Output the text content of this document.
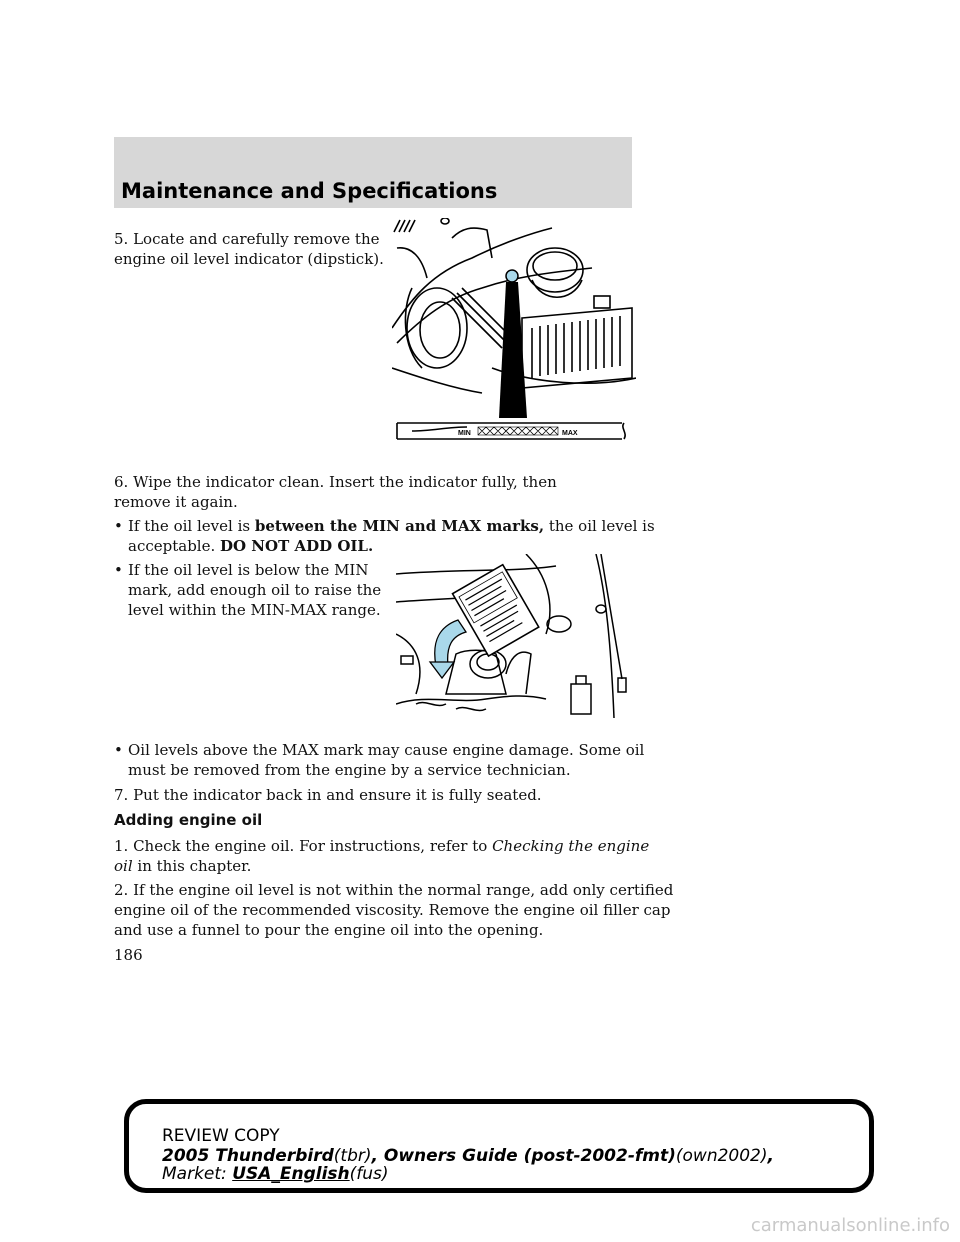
Maintenance and Specifications
5. Locate and carefully remove the
engine oil level indicator (dipstick).
MIN	MAX
6. Wipe the indicator clean. Insert the indicator fully, then remove it again.
• If the oil level is between the MIN and MAX marks, the oil level is
acceptable. DO NOT ADD OIL.
• If the oil level is below the MIN
mark, add enough oil to raise the
level within the MIN-MAX range.
• Oil levels above the MAX mark may cause engine damage. Some oil
must be removed from the engine by a service technician.
7. Put the indicator back in and ensure it is fully seated.
Adding engine oil
1. Check the engine oil. For instructions, refer to Checking the engine
oil in this chapter.
2. If the engine oil level is not within the normal range, add only certified
engine oil of the recommended viscosity. Remove the engine oil filler cap
and use a funnel to pour the engine oil into the opening.
186
REVIEW COPY
2005 Thunderbird(tbr), Owners Guide (post-2002-fmt)(own2002),
Market: USA_English(fus)
carmanualsonline.info
